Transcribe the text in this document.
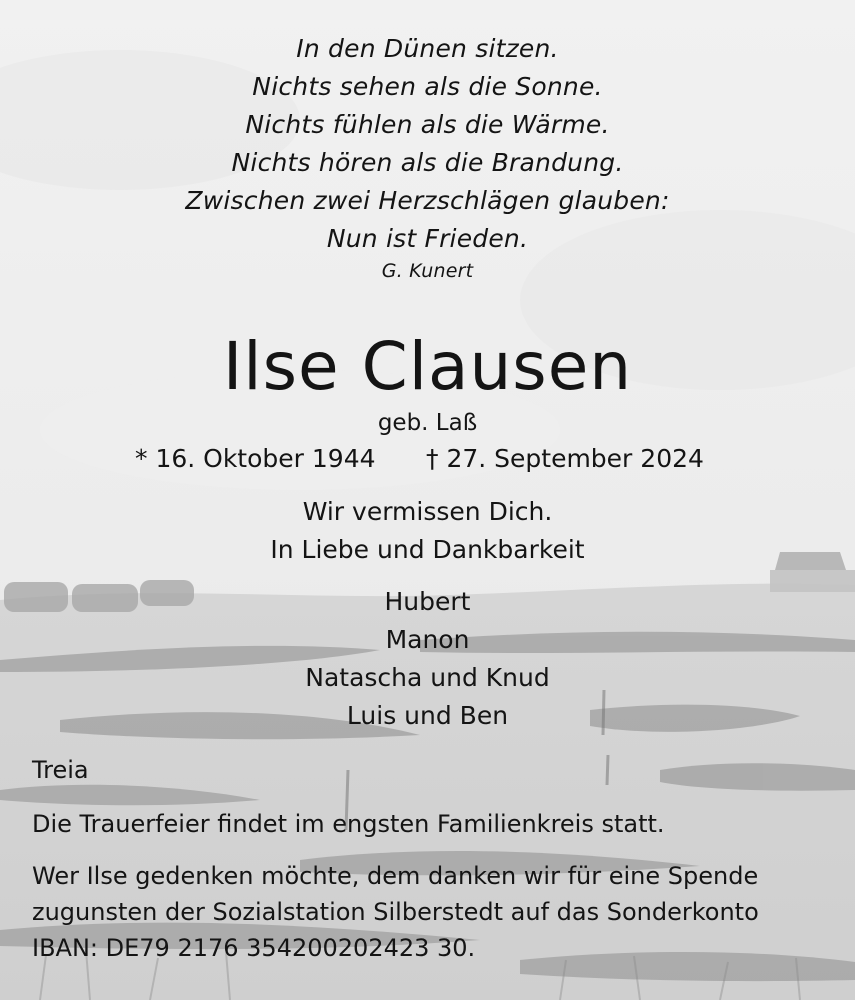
In den Dünen sitzen.
Nichts sehen als die Sonne.
Nichts fühlen als die Wärme.
Nichts hören als die Brandung.
Zwischen zwei Herzschlägen glauben:
Nun ist Frieden.
G. Kunert
Ilse Clausen
geb. Laß
* 16. Oktober 1944 † 27. September 2024
Wir vermissen Dich.
In Liebe und Dankbarkeit
Hubert
Manon
Natascha und Knud
Luis und Ben
Treia
Die Trauerfeier findet im engsten Familienkreis statt.
Wer Ilse gedenken möchte, dem danken wir für eine Spende
zugunsten der Sozialstation Silberstedt auf das Sonderkonto
IBAN: DE79 2176 354200202423 30.
